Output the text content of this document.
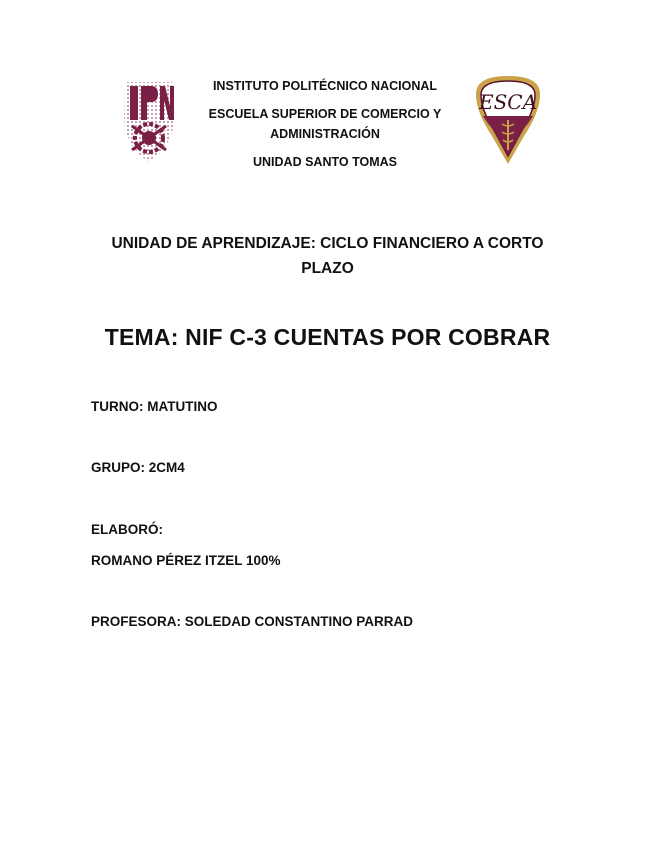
ESCA
INSTITUTO POLITÉCNICO NACIONAL
ESCUELA SUPERIOR DE COMERCIO Y ADMINISTRACIÓN
UNIDAD SANTO TOMAS
UNIDAD DE APRENDIZAJE: CICLO FINANCIERO A CORTO PLAZO
TEMA: NIF C-3 CUENTAS POR COBRAR
TURNO: MATUTINO
GRUPO: 2CM4
ELABORÓ:
ROMANO PÉREZ ITZEL 100%
PROFESORA: SOLEDAD CONSTANTINO PARRAD
